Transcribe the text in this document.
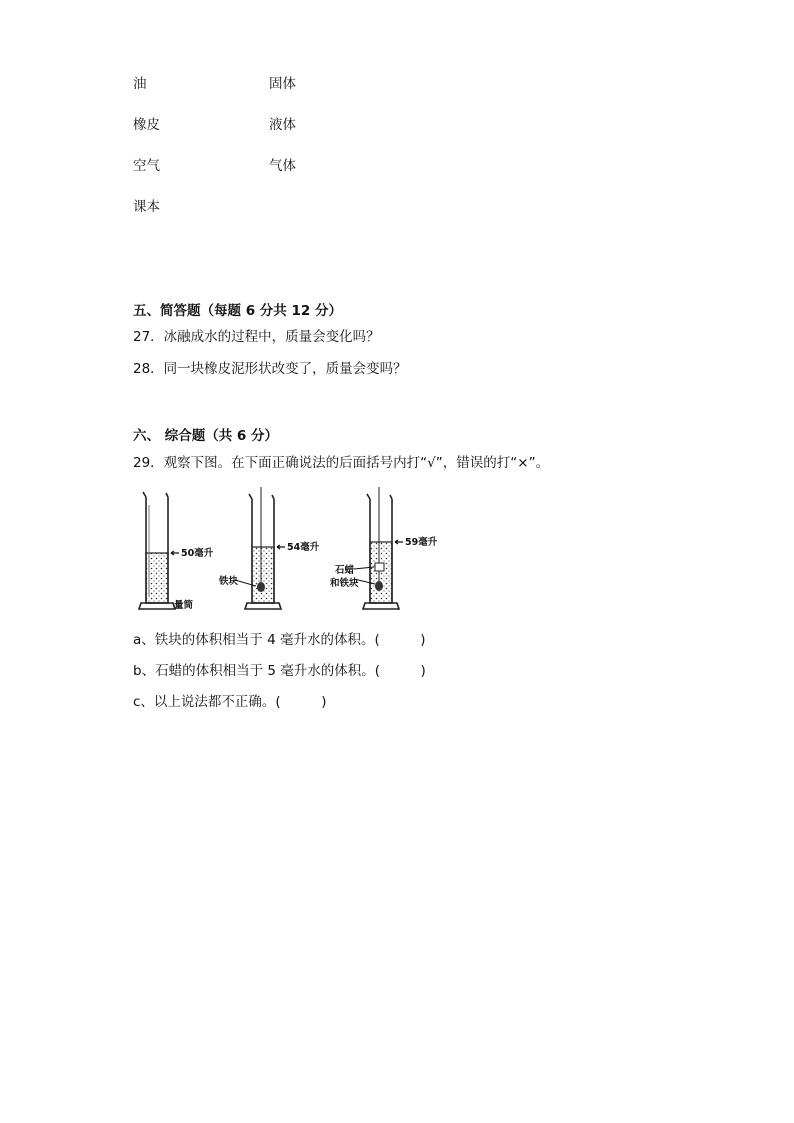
油	固体
橡皮	液体
空气	气体
课本
五、简答题（每题 6 分共 12 分）
27．冰融成水的过程中，质量会变化吗？
28．同一块橡皮泥形状改变了，质量会变吗？
六、 综合题（共 6 分）
29．观察下图。在下面正确说法的后面括号内打“√”，错误的打“×”。
50毫升
量筒
54毫升
铁块
59毫升
石蜡
和铁块
a、铁块的体积相当于 4 毫升水的体积。(　　　)
b、石蜡的体积相当于 5 毫升水的体积。(　　　)
c、以上说法都不正确。(　　　)
